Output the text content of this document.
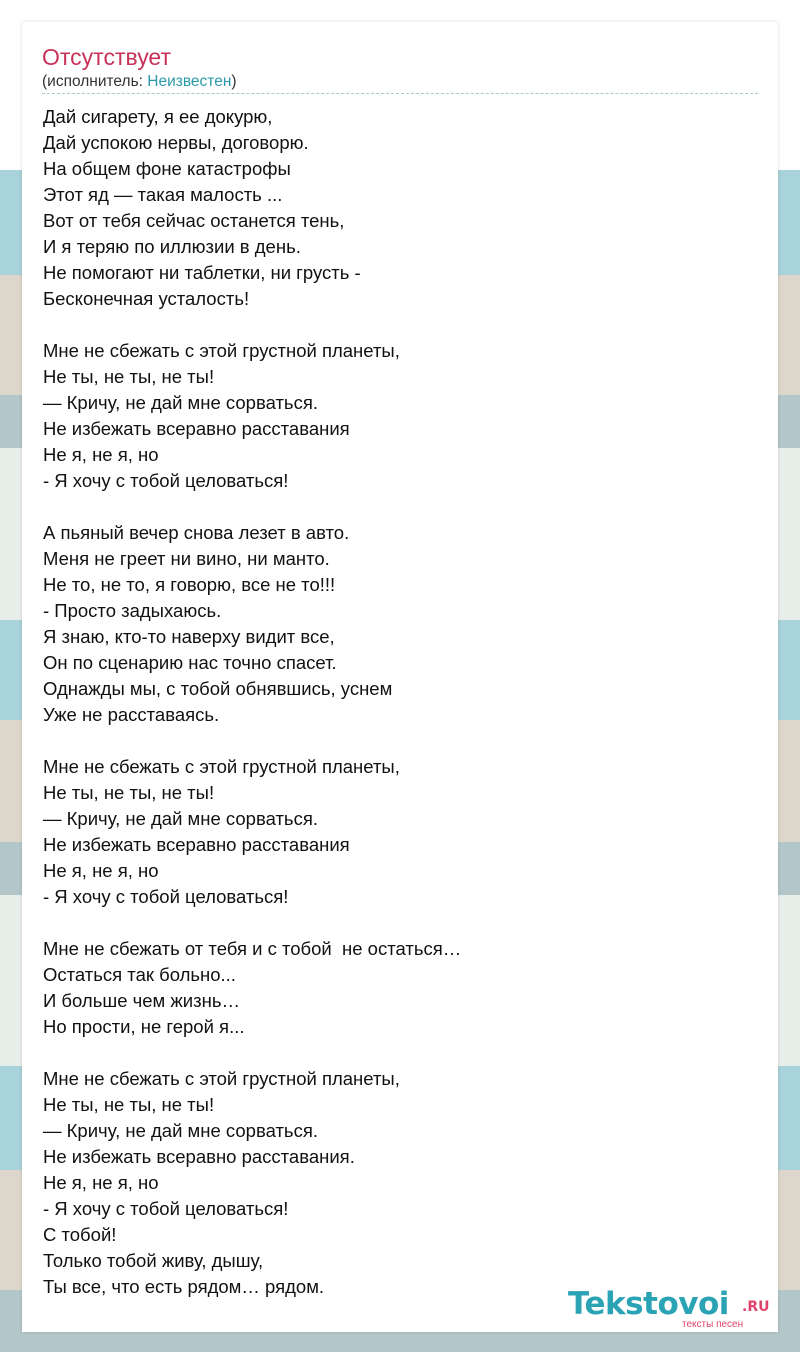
Отсутствует
(исполнитель: Неизвестен)
Дай сигарету, я ее докурю,
Дай успокою нервы, договорю.
На общем фоне катастрофы
Этот яд — такая малость ...
Вот от тебя сейчас останется тень,
И я теряю по иллюзии в день.
Не помогают ни таблетки, ни грусть -
Бесконечная усталость!
Мне не сбежать с этой грустной планеты,
Не ты, не ты, не ты!
— Кричу, не дай мне сорваться.
Не избежать всеравно расставания
Не я, не я, но
- Я хочу с тобой целоваться!
А пьяный вечер снова лезет в авто.
Меня не греет ни вино, ни манто.
Не то, не то, я говорю, все не то!!!
- Просто задыхаюсь.
Я знаю, кто-то наверху видит все,
Он по сценарию нас точно спасет.
Однажды мы, с тобой обнявшись, уснем
Уже не расставаясь.
Мне не сбежать с этой грустной планеты,
Не ты, не ты, не ты!
— Кричу, не дай мне сорваться.
Не избежать всеравно расставания
Не я, не я, но
- Я хочу с тобой целоваться!
Мне не сбежать от тебя и с тобой  не остаться…
Остаться так больно...
И больше чем жизнь…
Но прости, не герой я...
Мне не сбежать с этой грустной планеты,
Не ты, не ты, не ты!
— Кричу, не дай мне сорваться.
Не избежать всеравно расставания.
Не я, не я, но
- Я хочу с тобой целоваться!
С тобой!
Только тобой живу, дышу,
Ты все, что есть рядом… рядом.	Tekstovoi .RU
тексты песен
